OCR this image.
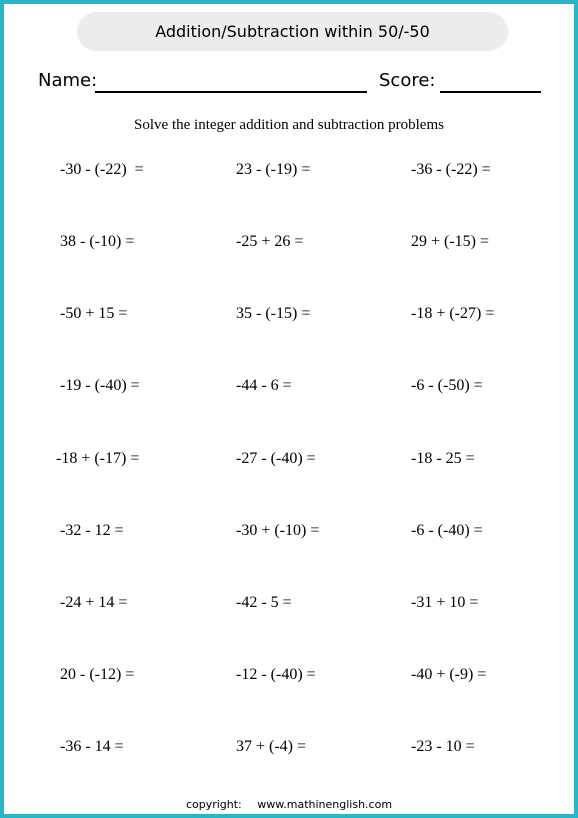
Addition/Subtraction within 50/-50
Name:	Score:
Solve the integer addition and subtraction problems
-30 - (-22)  =	23 - (-19) =	-36 - (-22) =
38 - (-10) =	-25 + 26 =	29 + (-15) =
-50 + 15 =	35 - (-15) =	-18 + (-27) =
-19 - (-40) =	-44 - 6 =	-6 - (-50) =
-18 + (-17) =	-27 - (-40) =	-18 - 25 =
-32 - 12 =	-30 + (-10) =	-6 - (-40) =
-24 + 14 =	-42 - 5 =	-31 + 10 =
20 - (-12) =	-12 - (-40) =	-40 + (-9) =
-36 - 14 =	37 + (-4) =	-23 - 10 =
copyright: www.mathinenglish.com
